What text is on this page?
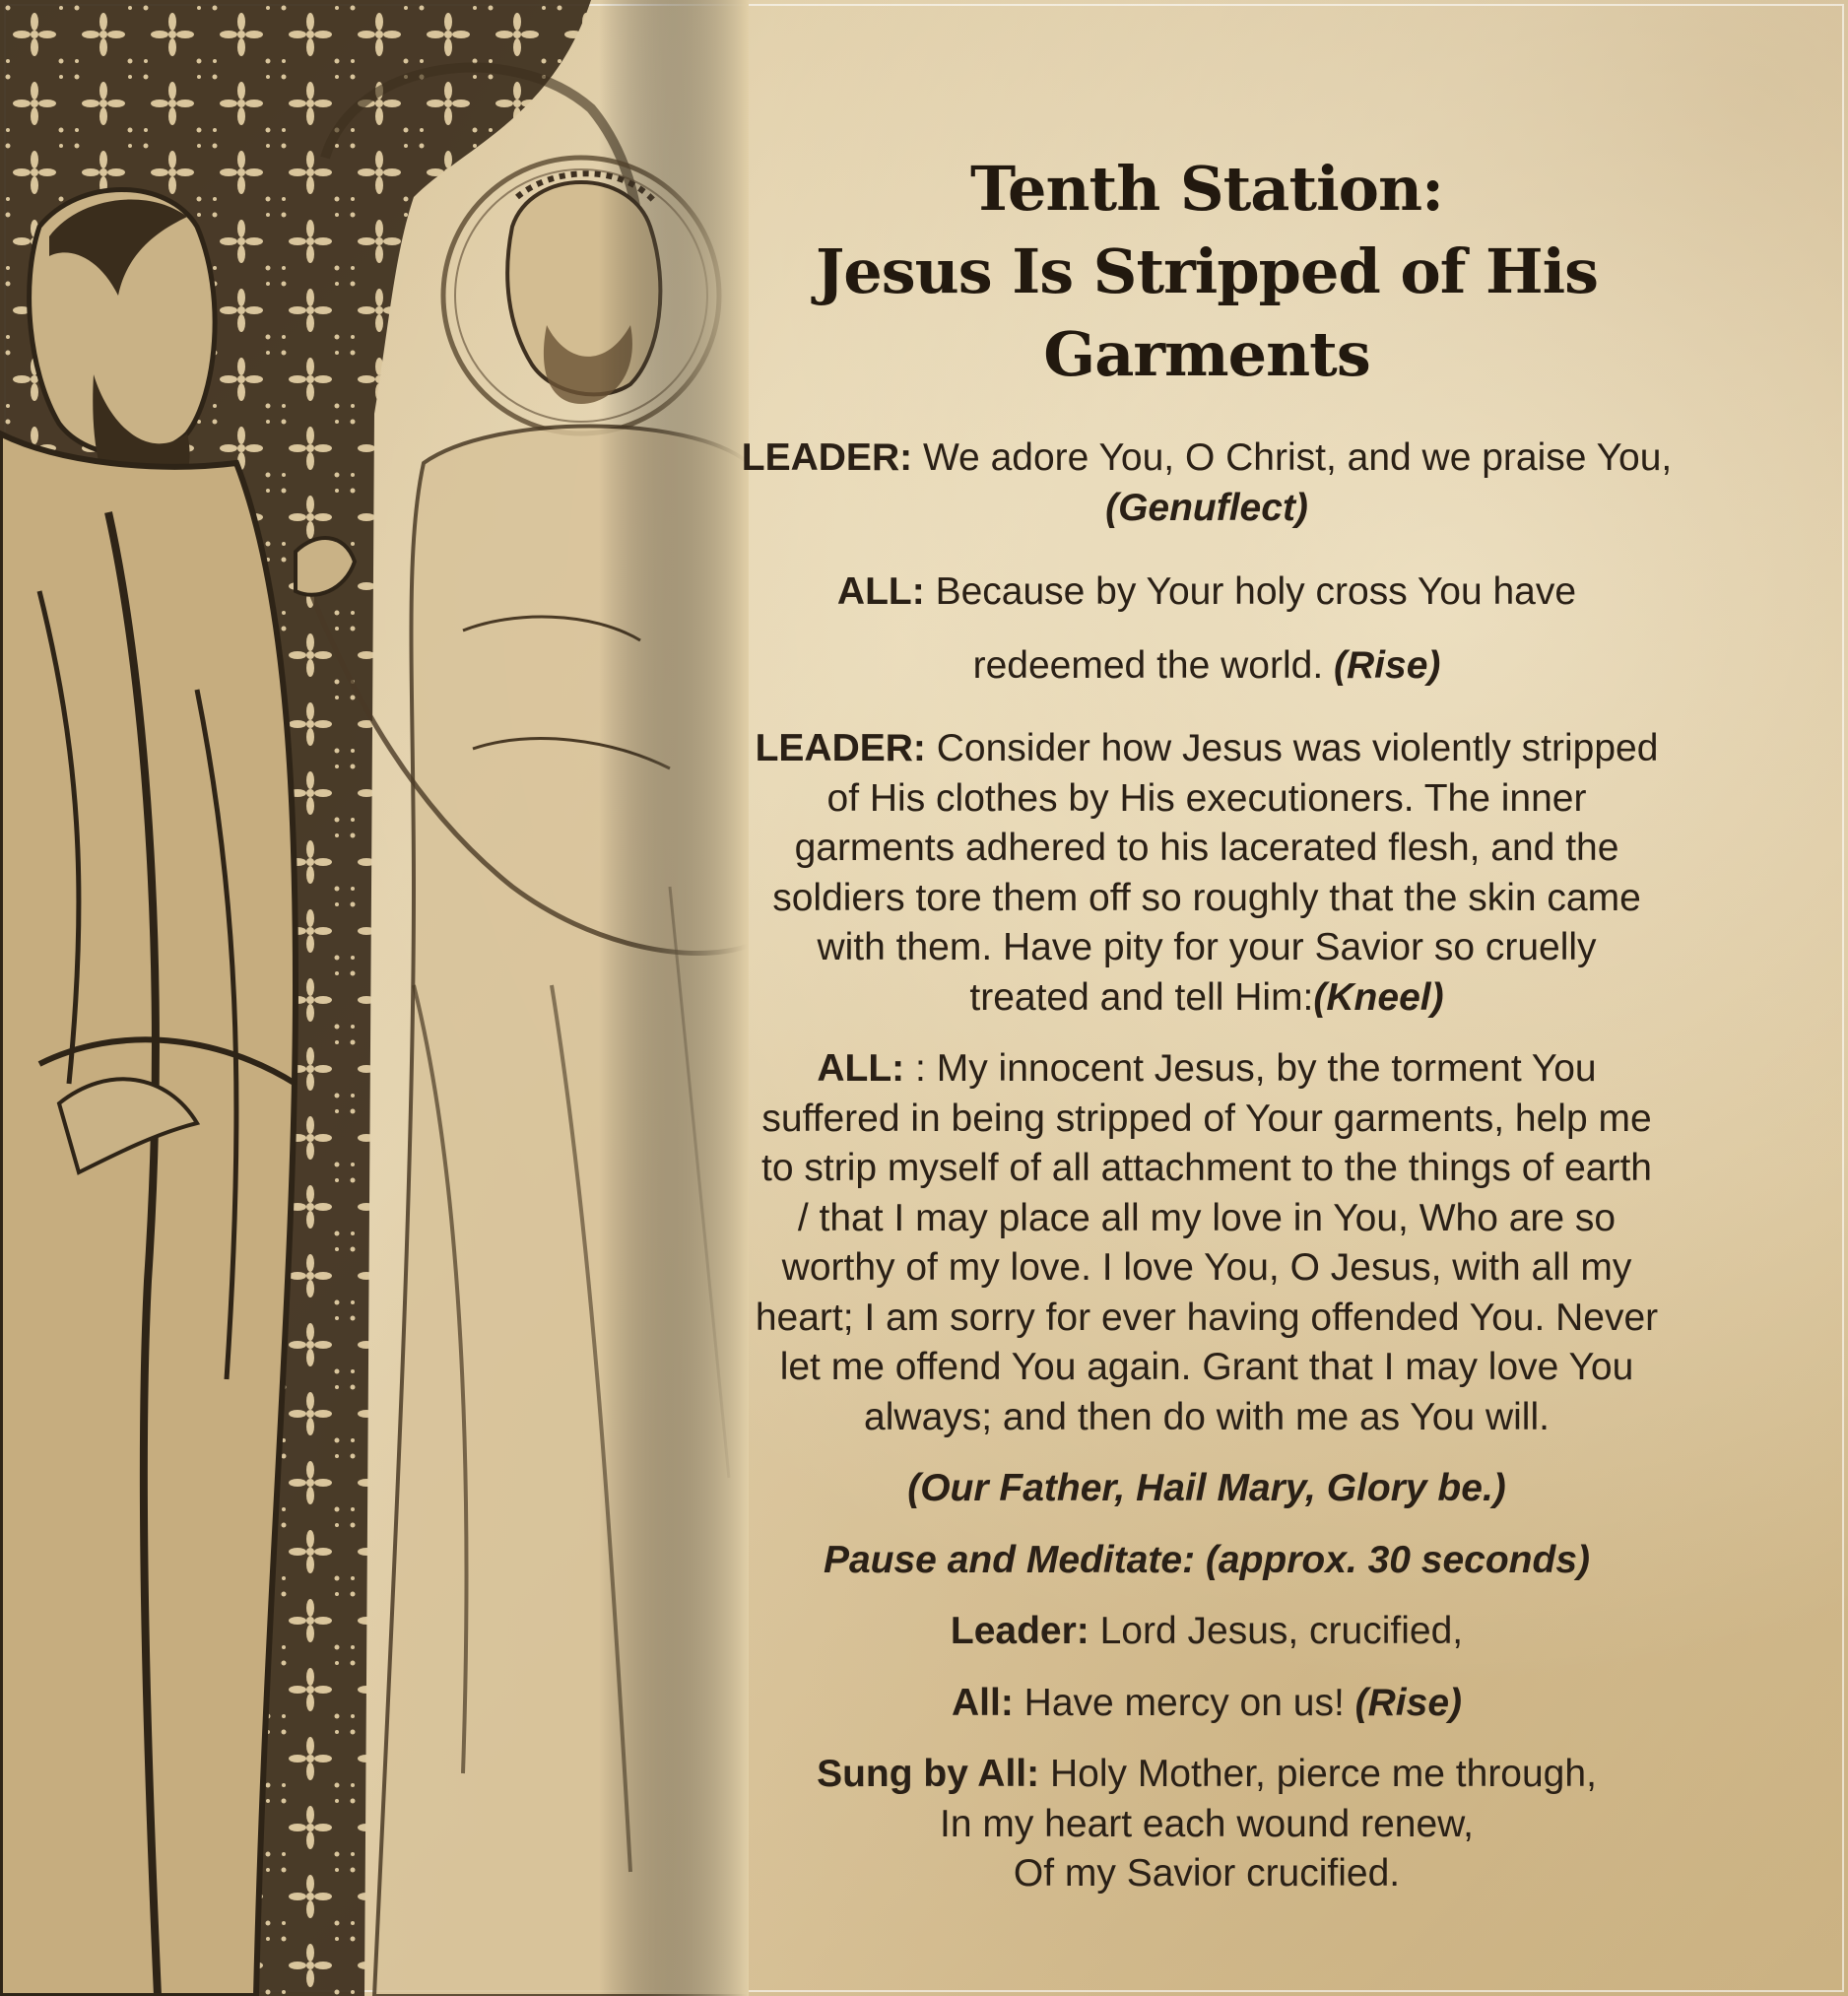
Tenth Station:
Jesus Is Stripped of His Garments

LEADER: We adore You, O Christ, and we praise You,
(Genuflect)

ALL: Because by Your holy cross You have
redeemed the world. (Rise)

LEADER: Consider how Jesus was violently stripped
of His clothes by His executioners. The inner
garments adhered to his lacerated flesh, and the
soldiers tore them off so roughly that the skin came
with them. Have pity for your Savior so cruelly
treated and tell Him:(Kneel)

ALL: : My innocent Jesus, by the torment You
suffered in being stripped of Your garments, help me
to strip myself of all attachment to the things of earth
/ that I may place all my love in You, Who are so
worthy of my love. I love You, O Jesus, with all my
heart; I am sorry for ever having offended You. Never
let me offend You again. Grant that I may love You
always; and then do with me as You will.

(Our Father, Hail Mary, Glory be.)

Pause and Meditate: (approx. 30 seconds)

Leader: Lord Jesus, crucified,

All: Have mercy on us! (Rise)

Sung by All: Holy Mother, pierce me through,
In my heart each wound renew,
Of my Savior crucified.
